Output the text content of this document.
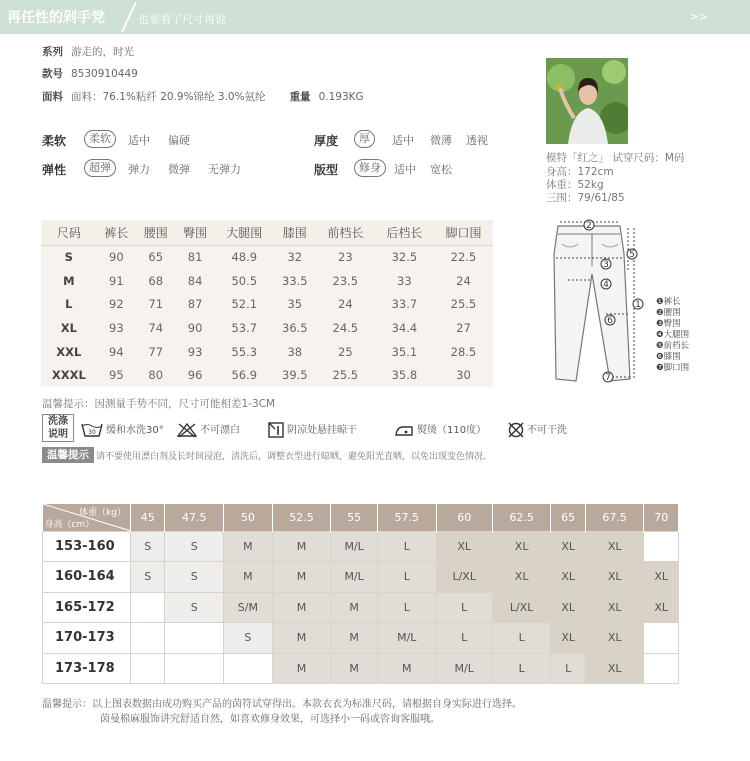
再任性的剁手党	也要看了尺寸再说	>>
系列 游走的，时光
款号 8530910449
面料 面料：76.1%粘纤 20.9%锦纶 3.0%氨纶 重量 0.193KG
柔软	柔软	适中 偏硬
弹性	超弹	弹力 微弹 无弹力
厚度	厚	适中 微薄 透视
版型	修身	适中 宽松
模特「红之」 试穿尺码：M码
身高：172cm
体重：52kg
三围：79/61/85
尺码	裤长	腰围	臀围	大腿围	膝围	前档长	后档长	脚口围
S	90	65	81	48.9	32	23	32.5	22.5
M	91	68	84	50.5	33.5	23.5	33	24
L	92	71	87	52.1	35	24	33.7	25.5
XL	93	74	90	53.7	36.5	24.5	34.4	27
XXL	94	77	93	55.3	38	25	35.1	28.5
XXXL	95	80	96	56.9	39.5	25.5	35.8	30
2
3
4
5
6
1
7
❶裤长
❷腰围
❸臀围
❹大腿围
❺前档长
❻膝围
❼脚口围
温馨提示：因测量手势不同，尺寸可能相差1-3CM
洗涤
说明	30 缓和水洗30°	不可漂白	阴凉处悬挂晾干	熨烫（110度）	不可干洗
温馨提示 请不要使用漂白剂及长时间浸泡，清洗后，调整衣型进行晾晒，避免阳光直晒，以免出现变色情况.
体重（kg）
身高（cm）	45	47.5	50	52.5	55	57.5	60	62.5	65	67.5	70
153-160	S	S	M	M	M/L	L	XL	XL	XL	XL	
160-164	S	S	M	M	M/L	L	L/XL	XL	XL	XL	XL
165-172		S	S/M	M	M	L	L	L/XL	XL	XL	XL
170-173			S	M	M	M/L	L	L	XL	XL	
173-178				M	M	M	M/L	L	L	XL	
温馨提示：以上图表数据由成功购买产品的茵符试穿得出。本款衣衣为标准尺码，请根据自身实际进行选择。
茵曼棉麻服饰讲究舒适自然，如喜欢修身效果，可选择小一码或咨询客服哦。
